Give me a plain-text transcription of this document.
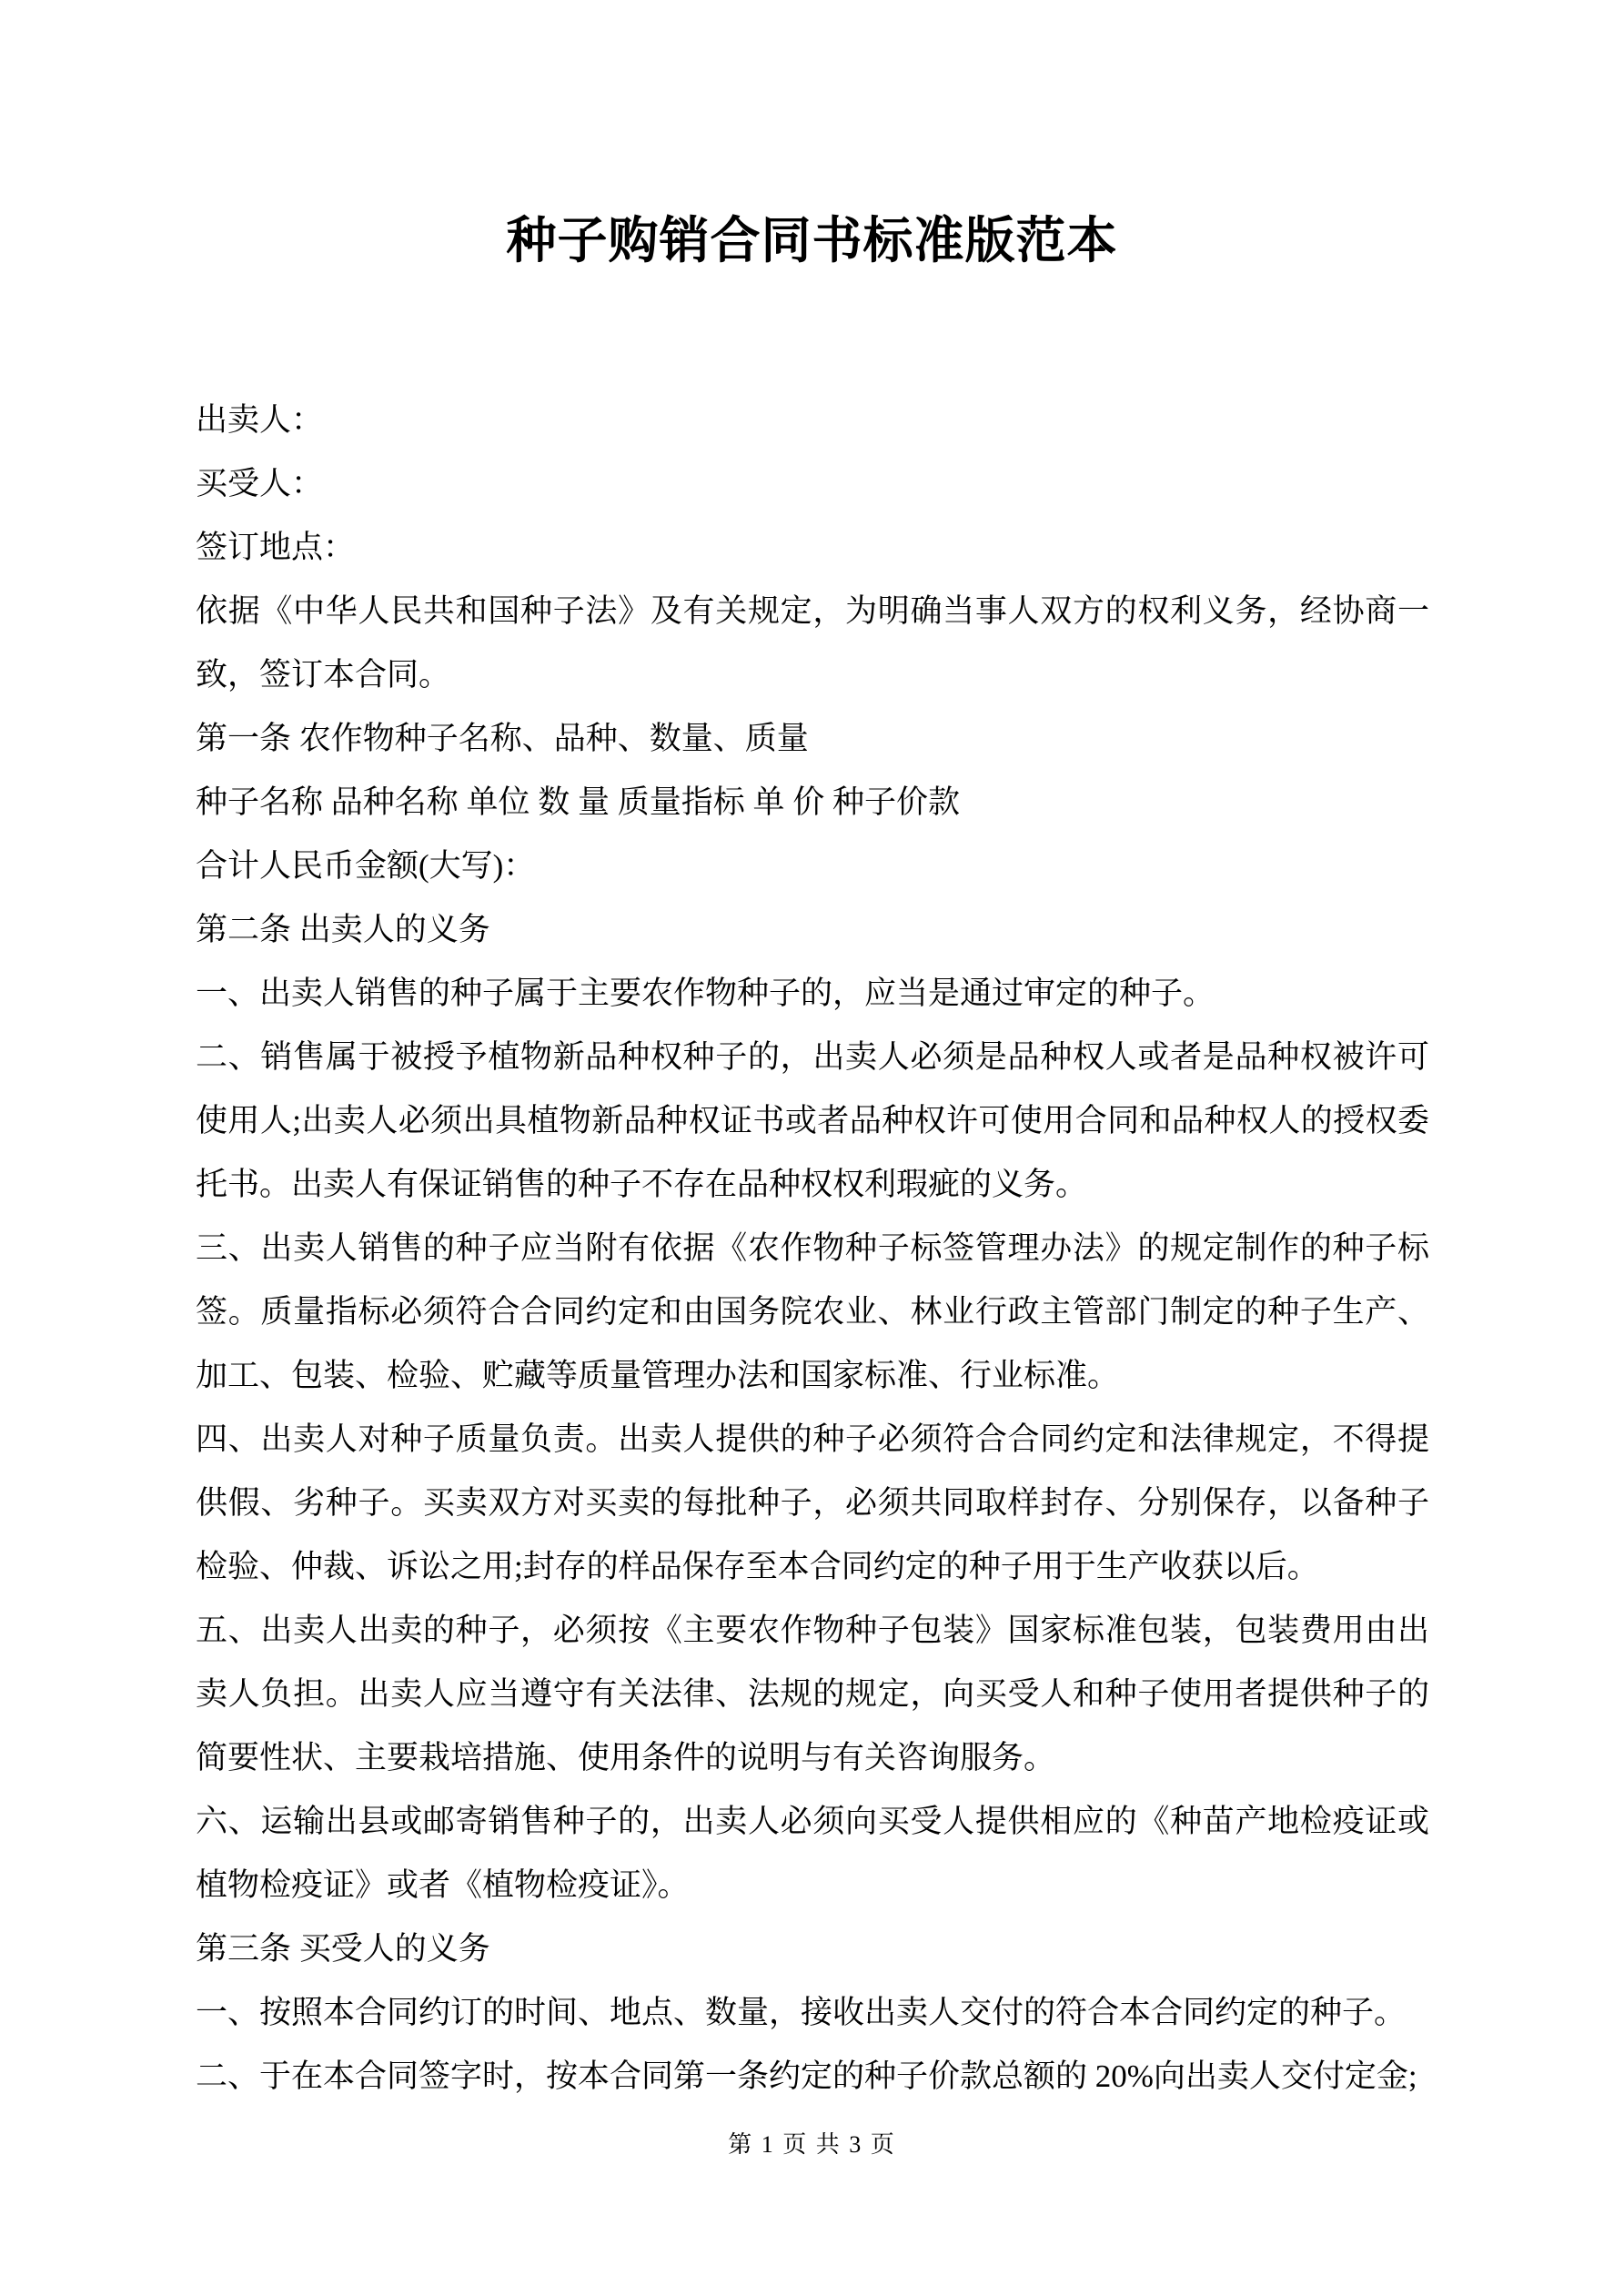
种子购销合同书标准版范本

出卖人：

买受人：

签订地点：

依据《中华人民共和国种子法》及有关规定，为明确当事人双方的权利义务，经协商一致，签订本合同。

第一条 农作物种子名称、品种、数量、质量

种子名称 品种名称 单位 数 量 质量指标 单 价 种子价款

合计人民币金额(大写)：

第二条 出卖人的义务

一、出卖人销售的种子属于主要农作物种子的，应当是通过审定的种子。

二、销售属于被授予植物新品种权种子的，出卖人必须是品种权人或者是品种权被许可使用人;出卖人必须出具植物新品种权证书或者品种权许可使用合同和品种权人的授权委托书。出卖人有保证销售的种子不存在品种权权利瑕疵的义务。

三、出卖人销售的种子应当附有依据《农作物种子标签管理办法》的规定制作的种子标签。质量指标必须符合合同约定和由国务院农业、林业行政主管部门制定的种子生产、加工、包装、检验、贮藏等质量管理办法和国家标准、行业标准。

四、出卖人对种子质量负责。出卖人提供的种子必须符合合同约定和法律规定，不得提供假、劣种子。买卖双方对买卖的每批种子，必须共同取样封存、分别保存，以备种子检验、仲裁、诉讼之用;封存的样品保存至本合同约定的种子用于生产收获以后。

五、出卖人出卖的种子，必须按《主要农作物种子包装》国家标准包装，包装费用由出卖人负担。出卖人应当遵守有关法律、法规的规定，向买受人和种子使用者提供种子的简要性状、主要栽培措施、使用条件的说明与有关咨询服务。

六、运输出县或邮寄销售种子的，出卖人必须向买受人提供相应的《种苗产地检疫证或植物检疫证》或者《植物检疫证》。

第三条 买受人的义务

一、按照本合同约订的时间、地点、数量，接收出卖人交付的符合本合同约定的种子。

二、于在本合同签字时，按本合同第一条约定的种子价款总额的 20%向出卖人交付定金;

第 1 页 共 3 页
